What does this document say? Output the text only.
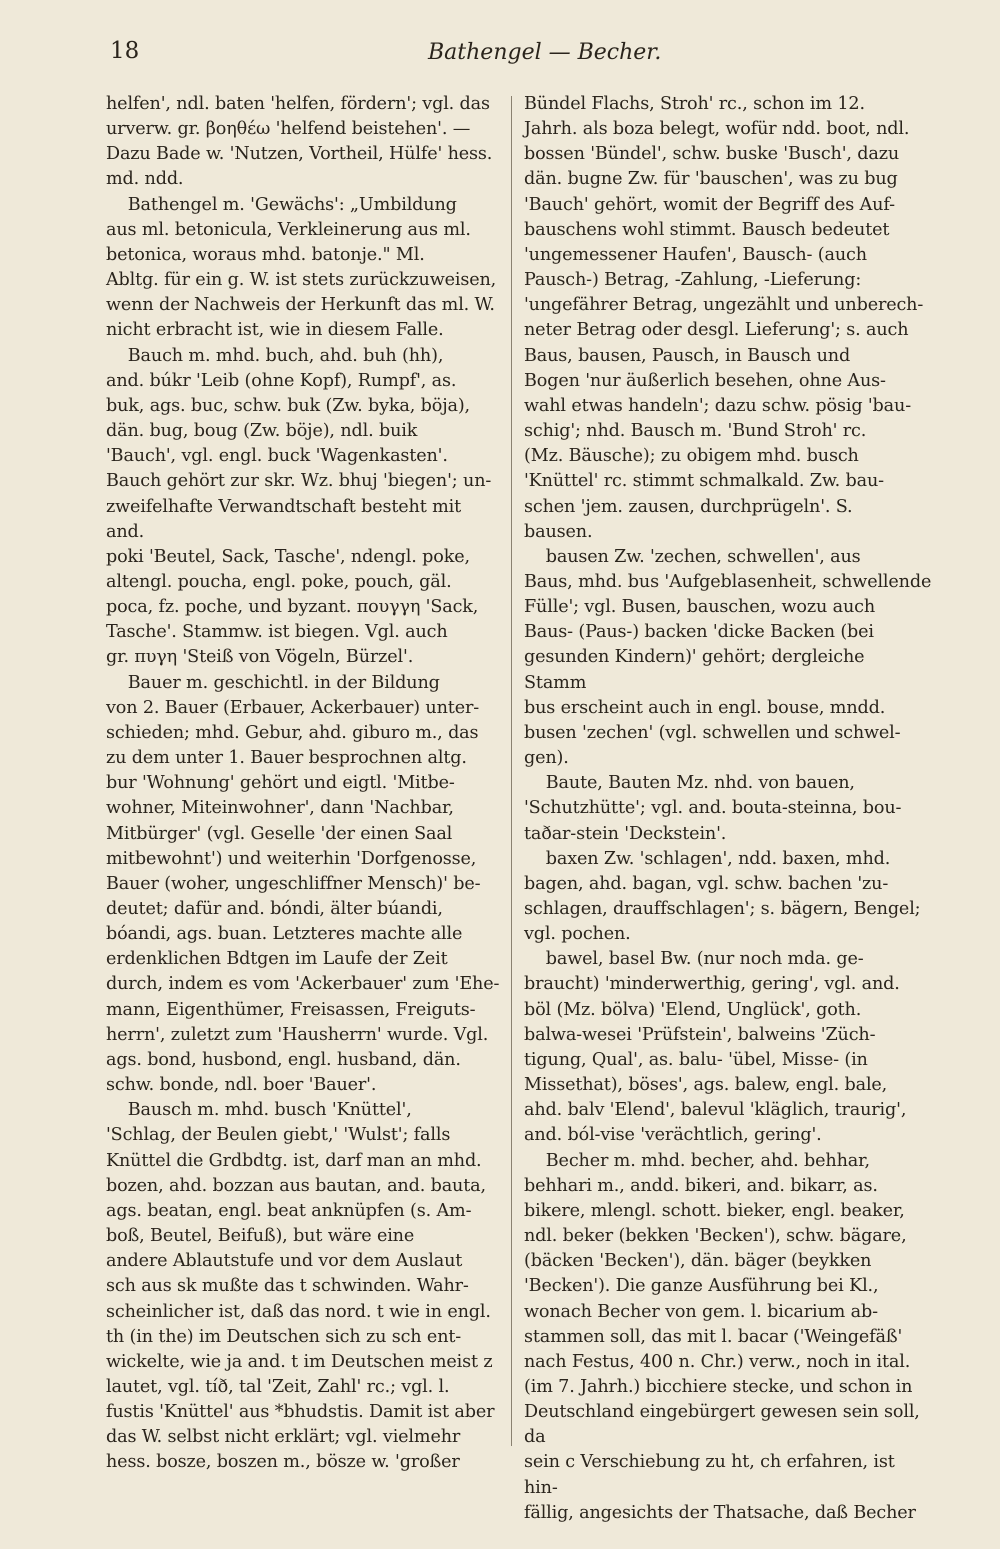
18	Bathengel — Becher.

helfen', ndl. baten 'helfen, fördern'; vgl. das
urverw. gr. βοηθέω 'helfend beistehen'. —
Dazu Bade w. 'Nutzen, Vortheil, Hülfe' hess.
md. ndd.
Bathengel m. 'Gewächs': „Umbildung
aus ml. betonicula, Verkleinerung aus ml.
betonica, woraus mhd. batonje." Ml.
Abltg. für ein g. W. ist stets zurückzuweisen,
wenn der Nachweis der Herkunft das ml. W.
nicht erbracht ist, wie in diesem Falle.
Bauch m. mhd. buch, ahd. buh (hh),
and. búkr 'Leib (ohne Kopf), Rumpf', as.
buk, ags. buc, schw. buk (Zw. byka, böja),
dän. bug, boug (Zw. böje), ndl. buik
'Bauch', vgl. engl. buck 'Wagenkasten'.
Bauch gehört zur skr. Wz. bhuj 'biegen'; un-
zweifelhafte Verwandtschaft besteht mit and.
poki 'Beutel, Sack, Tasche', ndengl. poke,
altengl. poucha, engl. poke, pouch, gäl.
poca, fz. poche, und byzant. πουγγη 'Sack,
Tasche'. Stammw. ist biegen. Vgl. auch
gr. πυγη 'Steiß von Vögeln, Bürzel'.
Bauer m. geschichtl. in der Bildung
von 2. Bauer (Erbauer, Ackerbauer) unter-
schieden; mhd. Gebur, ahd. giburo m., das
zu dem unter 1. Bauer besprochnen altg.
bur 'Wohnung' gehört und eigtl. 'Mitbe-
wohner, Miteinwohner', dann 'Nachbar,
Mitbürger' (vgl. Geselle 'der einen Saal
mitbewohnt') und weiterhin 'Dorfgenosse,
Bauer (woher, ungeschliffner Mensch)' be-
deutet; dafür and. bóndi, älter búandi,
bóandi, ags. buan. Letzteres machte alle
erdenklichen Bdtgen im Laufe der Zeit
durch, indem es vom 'Ackerbauer' zum 'Ehe-
mann, Eigenthümer, Freisassen, Freiguts-
herrn', zuletzt zum 'Hausherrn' wurde. Vgl.
ags. bond, husbond, engl. husband, dän.
schw. bonde, ndl. boer 'Bauer'.
Bausch m. mhd. busch 'Knüttel',
'Schlag, der Beulen giebt,' 'Wulst'; falls
Knüttel die Grdbdtg. ist, darf man an mhd.
bozen, ahd. bozzan aus bautan, and. bauta,
ags. beatan, engl. beat anknüpfen (s. Am-
boß, Beutel, Beifuß), but wäre eine
andere Ablautstufe und vor dem Auslaut
sch aus sk mußte das t schwinden. Wahr-
scheinlicher ist, daß das nord. t wie in engl.
th (in the) im Deutschen sich zu sch ent-
wickelte, wie ja and. t im Deutschen meist z
lautet, vgl. tíð, tal 'Zeit, Zahl' rc.; vgl. l.
fustis 'Knüttel' aus *bhudstis. Damit ist aber
das W. selbst nicht erklärt; vgl. vielmehr
hess. bosze, boszen m., bösze w. 'großer

Bündel Flachs, Stroh' rc., schon im 12.
Jahrh. als boza belegt, wofür ndd. boot, ndl.
bossen 'Bündel', schw. buske 'Busch', dazu
dän. bugne Zw. für 'bauschen', was zu bug
'Bauch' gehört, womit der Begriff des Auf-
bauschens wohl stimmt. Bausch bedeutet
'ungemessener Haufen', Bausch- (auch
Pausch-) Betrag, -Zahlung, -Lieferung:
'ungefährer Betrag, ungezählt und unberech-
neter Betrag oder desgl. Lieferung'; s. auch
Baus, bausen, Pausch, in Bausch und
Bogen 'nur äußerlich besehen, ohne Aus-
wahl etwas handeln'; dazu schw. pösig 'bau-
schig'; nhd. Bausch m. 'Bund Stroh' rc.
(Mz. Bäusche); zu obigem mhd. busch
'Knüttel' rc. stimmt schmalkald. Zw. bau-
schen 'jem. zausen, durchprügeln'. S.
bausen.
bausen Zw. 'zechen, schwellen', aus
Baus, mhd. bus 'Aufgeblasenheit, schwellende
Fülle'; vgl. Busen, bauschen, wozu auch
Baus- (Paus-) backen 'dicke Backen (bei
gesunden Kindern)' gehört; dergleiche Stamm
bus erscheint auch in engl. bouse, mndd.
busen 'zechen' (vgl. schwellen und schwel-
gen).
Baute, Bauten Mz. nhd. von bauen,
'Schutzhütte'; vgl. and. bouta-steinna, bou-
taðar-stein 'Deckstein'.
baxen Zw. 'schlagen', ndd. baxen, mhd.
bagen, ahd. bagan, vgl. schw. bachen 'zu-
schlagen, drauffschlagen'; s. bägern, Bengel;
vgl. pochen.
bawel, basel Bw. (nur noch mda. ge-
braucht) 'minderwerthig, gering', vgl. and.
böl (Mz. bölva) 'Elend, Unglück', goth.
balwa-wesei 'Prüfstein', balweins 'Züch-
tigung, Qual', as. balu- 'übel, Misse- (in
Missethat), böses', ags. balew, engl. bale,
ahd. balv 'Elend', balevul 'kläglich, traurig',
and. ból-vise 'verächtlich, gering'.
Becher m. mhd. becher, ahd. behhar,
behhari m., andd. bikeri, and. bikarr, as.
bikere, mlengl. schott. bieker, engl. beaker,
ndl. beker (bekken 'Becken'), schw. bägare,
(bäcken 'Becken'), dän. bäger (beykken
'Becken'). Die ganze Ausführung bei Kl.,
wonach Becher von gem. l. bicarium ab-
stammen soll, das mit l. bacar ('Weingefäß'
nach Festus, 400 n. Chr.) verw., noch in ital.
(im 7. Jahrh.) bicchiere stecke, und schon in
Deutschland eingebürgert gewesen sein soll, da
sein c Verschiebung zu ht, ch erfahren, ist hin-
fällig, angesichts der Thatsache, daß Becher
